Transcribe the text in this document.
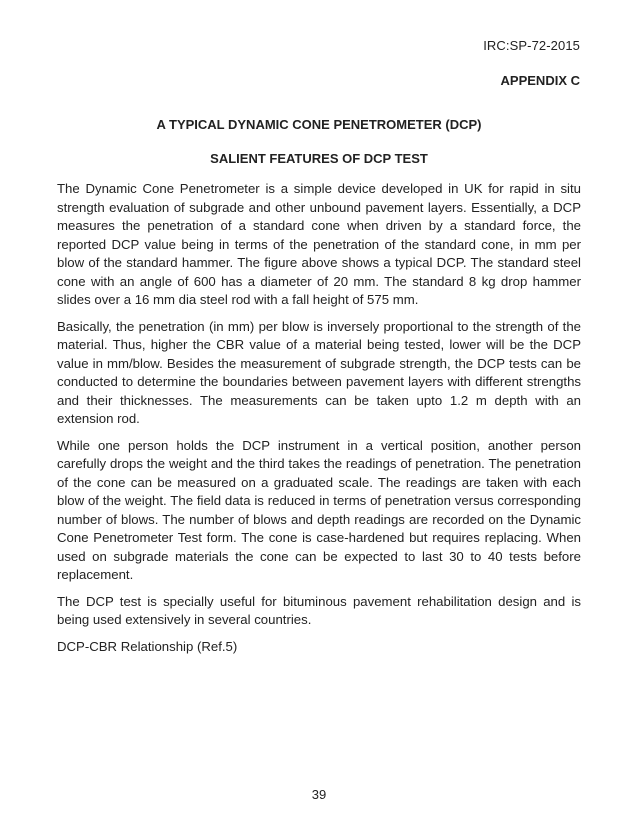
IRC:SP-72-2015

APPENDIX C

A TYPICAL DYNAMIC CONE PENETROMETER (DCP)
SALIENT FEATURES OF DCP TEST

The Dynamic Cone Penetrometer is a simple device developed in UK for rapid in situ strength evaluation of subgrade and other unbound pavement layers. Essentially, a DCP measures the penetration of a standard cone when driven by a standard force, the reported DCP value being in terms of the penetration of the standard cone, in mm per blow of the standard hammer. The figure above shows a typical DCP. The standard steel cone with an angle of 600 has a diameter of 20 mm. The standard 8 kg drop hammer slides over a 16 mm dia steel rod with a fall height of 575 mm.

Basically, the penetration (in mm) per blow is inversely proportional to the strength of the material. Thus, higher the CBR value of a material being tested, lower will be the DCP value in mm/blow. Besides the measurement of subgrade strength, the DCP tests can be conducted to determine the boundaries between pavement layers with different strengths and their thicknesses. The measurements can be taken upto 1.2 m depth with an extension rod.

While one person holds the DCP instrument in a vertical position, another person carefully drops the weight and the third takes the readings of penetration. The penetration of the cone can be measured on a graduated scale. The readings are taken with each blow of the weight. The field data is reduced in terms of penetration versus corresponding number of blows. The number of blows and depth readings are recorded on the Dynamic Cone Penetrometer Test form. The cone is case-hardened but requires replacing. When used on subgrade materials the cone can be expected to last 30 to 40 tests before replacement.

The DCP test is specially useful for bituminous pavement rehabilitation design and is being used extensively in several countries.

DCP-CBR Relationship (Ref.5)

39
